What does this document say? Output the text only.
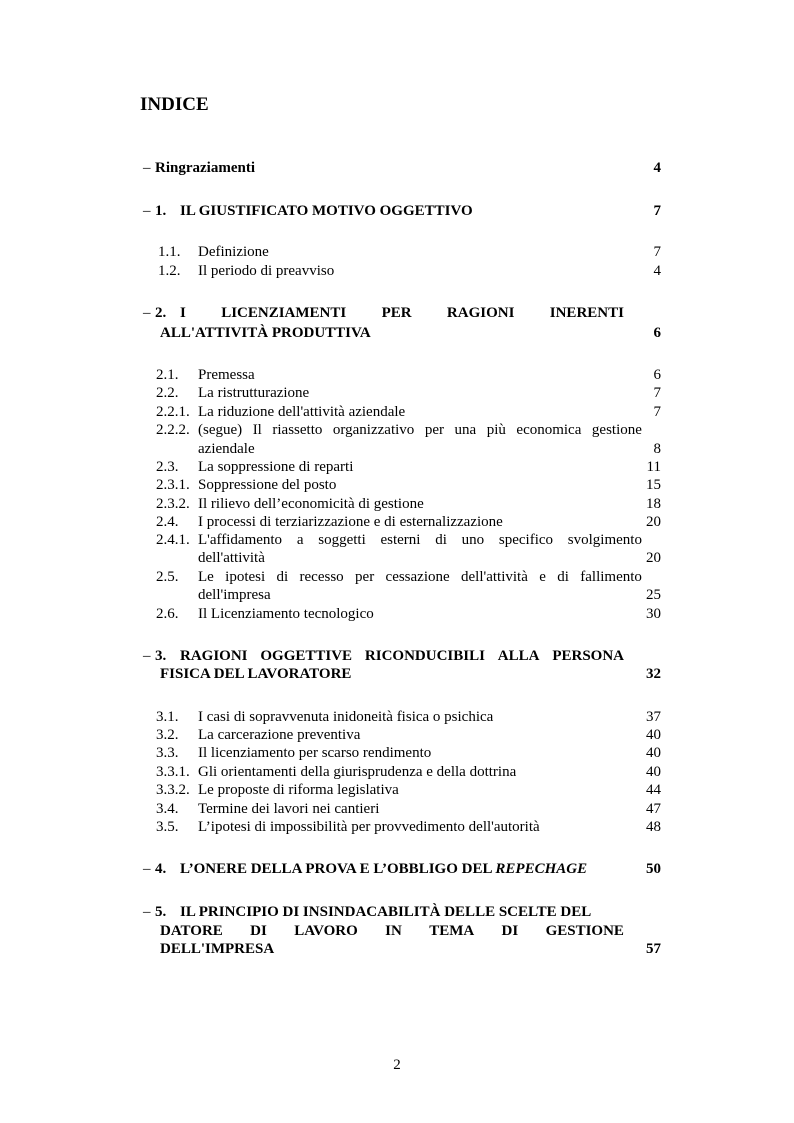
INDICE
– Ringraziamenti	4
– 1. IL GIUSTIFICATO MOTIVO OGGETTIVO	7
1.1. Definizione	7
1.2. Il periodo di preavviso	4
– 2. I LICENZIAMENTI PER RAGIONI INERENTI
ALL'ATTIVITÀ PRODUTTIVA	6
2.1. Premessa	6
2.2. La ristrutturazione	7
2.2.1. La riduzione dell'attività aziendale	7
2.2.2. (segue) Il riassetto organizzativo per una più economica gestione
aziendale	8
2.3. La soppressione di reparti	11
2.3.1. Soppressione del posto	15
2.3.2. Il rilievo dell’economicità di gestione	18
2.4. I processi di terziarizzazione e di esternalizzazione	20
2.4.1. L'affidamento a soggetti esterni di uno specifico svolgimento
dell'attività	20
2.5. Le ipotesi di recesso per cessazione dell'attività e di fallimento
dell'impresa	25
2.6. Il Licenziamento tecnologico	30
– 3. RAGIONI OGGETTIVE RICONDUCIBILI ALLA PERSONA
FISICA DEL LAVORATORE	32
3.1. I casi di sopravvenuta inidoneità fisica o psichica	37
3.2. La carcerazione preventiva	40
3.3. Il licenziamento per scarso rendimento	40
3.3.1. Gli orientamenti della giurisprudenza e della dottrina	40
3.3.2. Le proposte di riforma legislativa	44
3.4. Termine dei lavori nei cantieri	47
3.5. L’ipotesi di impossibilità per provvedimento dell'autorità	48
– 4. L’ONERE DELLA PROVA E L’OBBLIGO DEL REPECHAGE	50
– 5. IL PRINCIPIO DI INSINDACABILITÀ DELLE SCELTE DEL
DATORE DI LAVORO IN TEMA DI GESTIONE
DELL'IMPRESA	57
2
